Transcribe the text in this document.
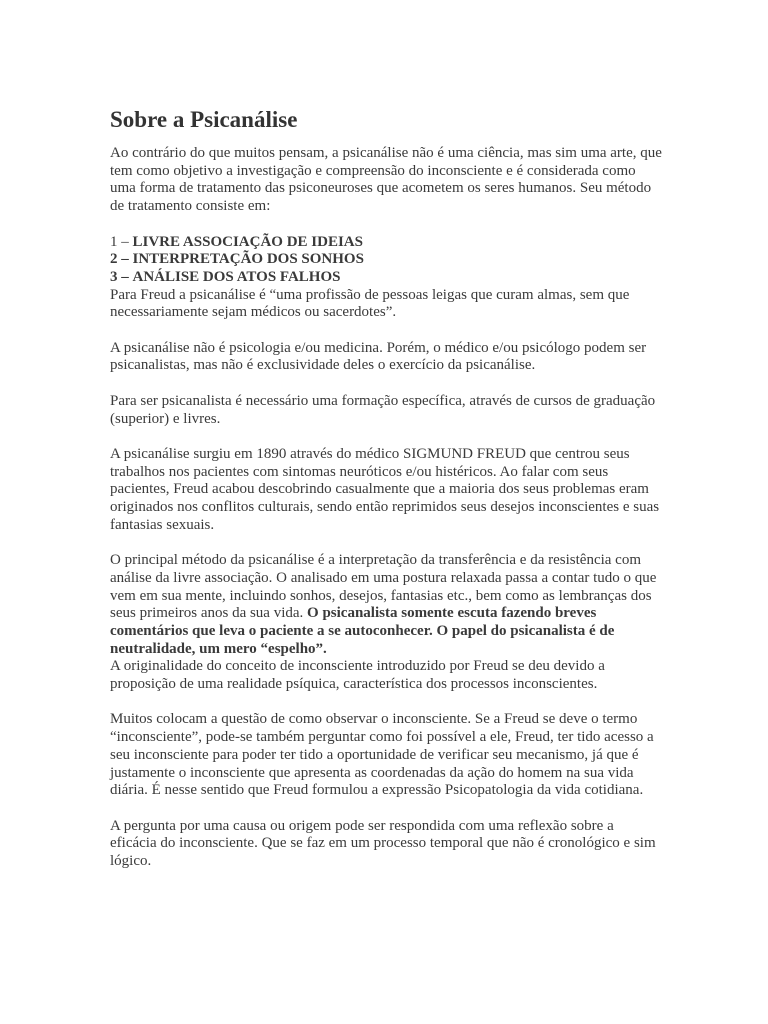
Sobre a Psicanálise

Ao contrário do que muitos pensam, a psicanálise não é uma ciência, mas sim uma arte, que tem como objetivo a investigação e compreensão do inconsciente e é considerada como uma forma de tratamento das psiconeuroses que acometem os seres humanos. Seu método de tratamento consiste em:

1 – LIVRE ASSOCIAÇÃO DE IDEIAS

2 – INTERPRETAÇÃO DOS SONHOS

3 – ANÁLISE DOS ATOS FALHOS

Para Freud a psicanálise é “uma profissão de pessoas leigas que curam almas, sem que necessariamente sejam médicos ou sacerdotes”.

A psicanálise não é psicologia e/ou medicina. Porém, o médico e/ou psicólogo podem ser psicanalistas, mas não é exclusividade deles o exercício da psicanálise.

Para ser psicanalista é necessário uma formação específica, através de cursos de graduação (superior) e livres.

A psicanálise surgiu em 1890 através do médico SIGMUND FREUD que centrou seus trabalhos nos pacientes com sintomas neuróticos e/ou histéricos. Ao falar com seus pacientes, Freud acabou descobrindo casualmente que a maioria dos seus problemas eram originados nos conflitos culturais, sendo então reprimidos seus desejos inconscientes e suas fantasias sexuais.

O principal método da psicanálise é a interpretação da transferência e da resistência com análise da livre associação. O analisado em uma postura relaxada passa a contar tudo o que vem em sua mente, incluindo sonhos, desejos, fantasias etc., bem como as lembranças dos seus primeiros anos da sua vida. O psicanalista somente escuta fazendo breves comentários que leva o paciente a se autoconhecer. O papel do psicanalista é de neutralidade, um mero “espelho”.

A originalidade do conceito de inconsciente introduzido por Freud se deu devido a proposição de uma realidade psíquica, característica dos processos inconscientes.

Muitos colocam a questão de como observar o inconsciente. Se a Freud se deve o termo “inconsciente”, pode-se também perguntar como foi possível a ele, Freud, ter tido acesso a seu inconsciente para poder ter tido a oportunidade de verificar seu mecanismo, já que é justamente o inconsciente que apresenta as coordenadas da ação do homem na sua vida diária. É nesse sentido que Freud formulou a expressão Psicopatologia da vida cotidiana.

A pergunta por uma causa ou origem pode ser respondida com uma reflexão sobre a eficácia do inconsciente. Que se faz em um processo temporal que não é cronológico e sim lógico.
